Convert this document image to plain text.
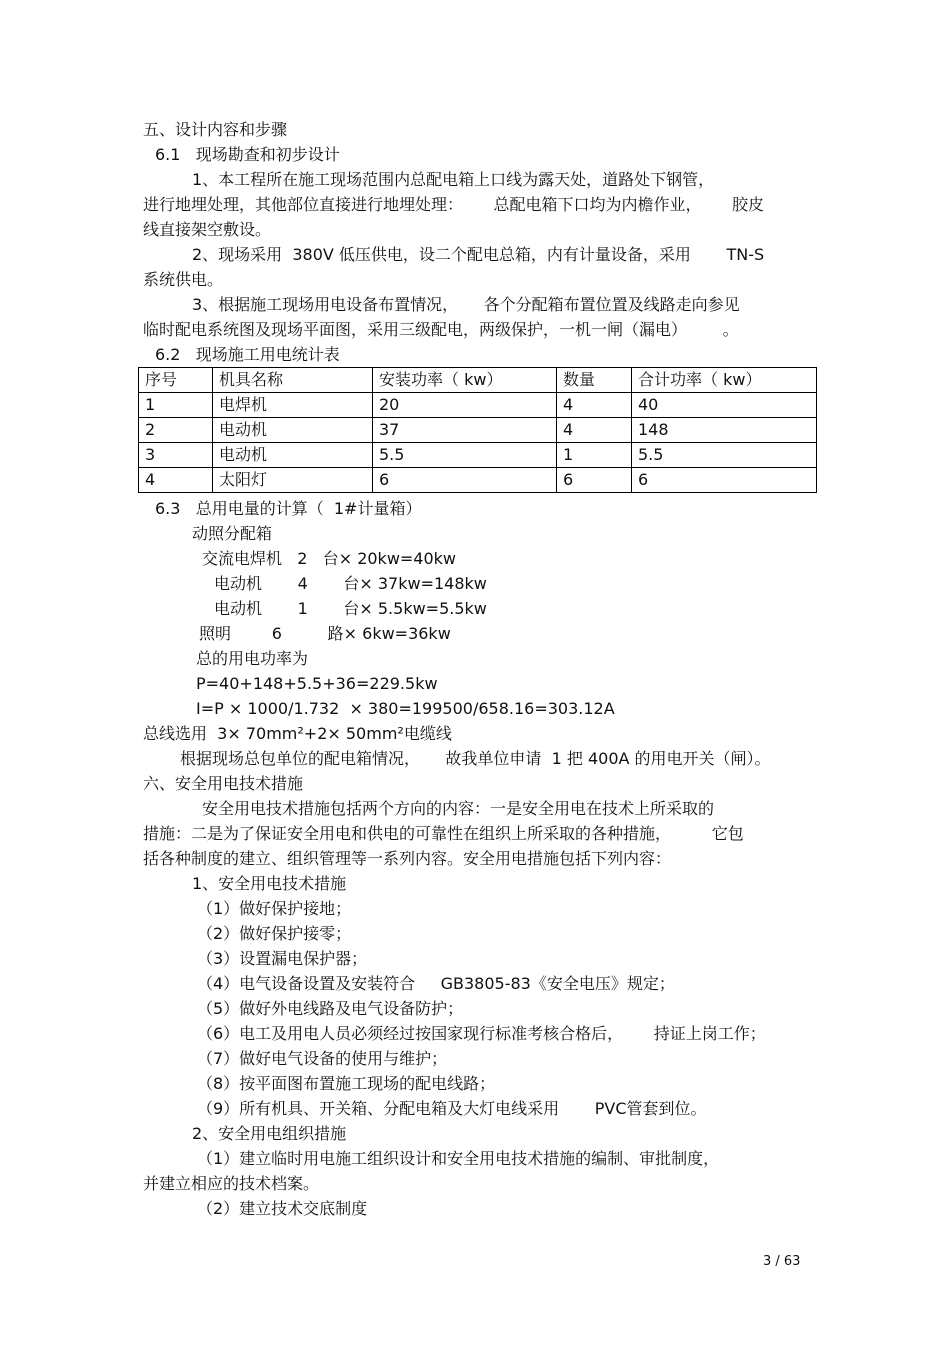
五、设计内容和步骤
6.1   现场勘查和初步设计
1、本工程所在施工现场范围内总配电箱上口线为露天处，道路处下钢管，
进行地埋处理，其他部位直接进行地埋处理：      总配电箱下口均为内檐作业，      胶皮
线直接架空敷设。
2、现场采用  380V 低压供电，设二个配电总箱，内有计量设备，采用       TN-S
系统供电。
3、根据施工现场用电设备布置情况，     各个分配箱布置位置及线路走向参见
临时配电系统图及现场平面图，采用三级配电，两级保护，一机一闸（漏电）       。
6.2   现场施工用电统计表
序号	机具名称	安装功率（ kw）	数量	合计功率（ kw）
1	电焊机	20	4	40
2	电动机	37	4	148
3	电动机	5.5	1	5.5
4	太阳灯	6	6	6
6.3   总用电量的计算（  1#计量箱）
动照分配箱
交流电焊机   2   台× 20kw=40kw
电动机       4       台× 37kw=148kw
电动机       1       台× 5.5kw=5.5kw
照明        6         路× 6kw=36kw
总的用电功率为
P=40+148+5.5+36=229.5kw
I=P × 1000/1.732  × 380=199500/658.16=303.12A
总线选用  3× 70mm²+2× 50mm²电缆线
根据现场总包单位的配电箱情况，     故我单位申请  1 把 400A 的用电开关（闸）。
六、安全用电技术措施
安全用电技术措施包括两个方向的内容：一是安全用电在技术上所采取的
措施：二是为了保证安全用电和供电的可靠性在组织上所采取的各种措施，        它包
括各种制度的建立、组织管理等一系列内容。安全用电措施包括下列内容：
1、安全用电技术措施
（1）做好保护接地；
（2）做好保护接零；
（3）设置漏电保护器；
（4）电气设备设置及安装符合     GB3805-83《安全电压》规定；
（5）做好外电线路及电气设备防护；
（6）电工及用电人员必须经过按国家现行标准考核合格后，      持证上岗工作；
（7）做好电气设备的使用与维护；
（8）按平面图布置施工现场的配电线路；
（9）所有机具、开关箱、分配电箱及大灯电线采用       PVC管套到位。
2、安全用电组织措施
（1）建立临时用电施工组织设计和安全用电技术措施的编制、审批制度，
并建立相应的技术档案。
（2）建立技术交底制度
3 / 63
